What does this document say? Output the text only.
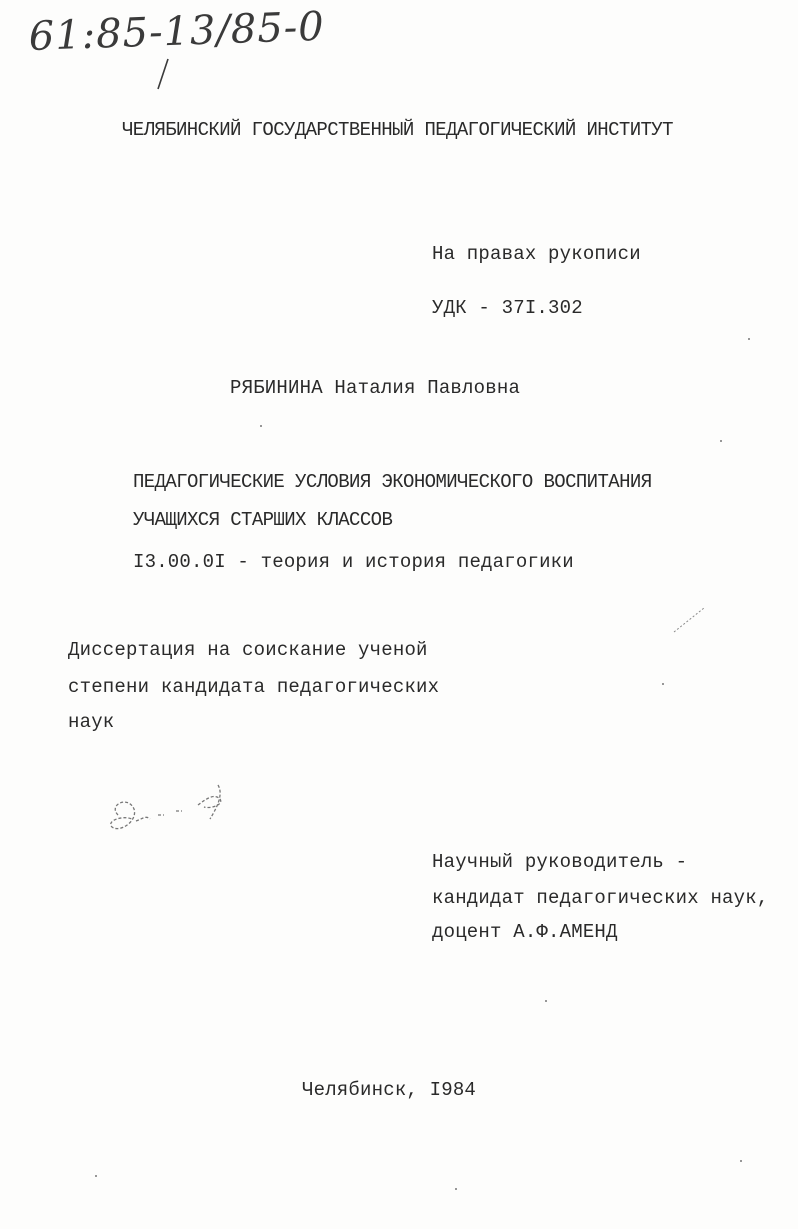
61:85-13/85-0
ЧЕЛЯБИНСКИЙ ГОСУДАРСТВЕННЫЙ ПЕДАГОГИЧЕСКИЙ ИНСТИТУТ
На правах рукописи
УДК - 37I.302
РЯБИНИНА Наталия Павловна
ПЕДАГОГИЧЕСКИЕ УСЛОВИЯ ЭКОНОМИЧЕСКОГО ВОСПИТАНИЯ
УЧАЩИХСЯ СТАРШИХ КЛАССОВ
I3.00.0I - теория и история педагогики
Диссертация на соискание ученой
степени кандидата педагогических
наук
Научный руководитель -
кандидат педагогических наук,
доцент А.Ф.АМЕНД
Челябинск, I984
